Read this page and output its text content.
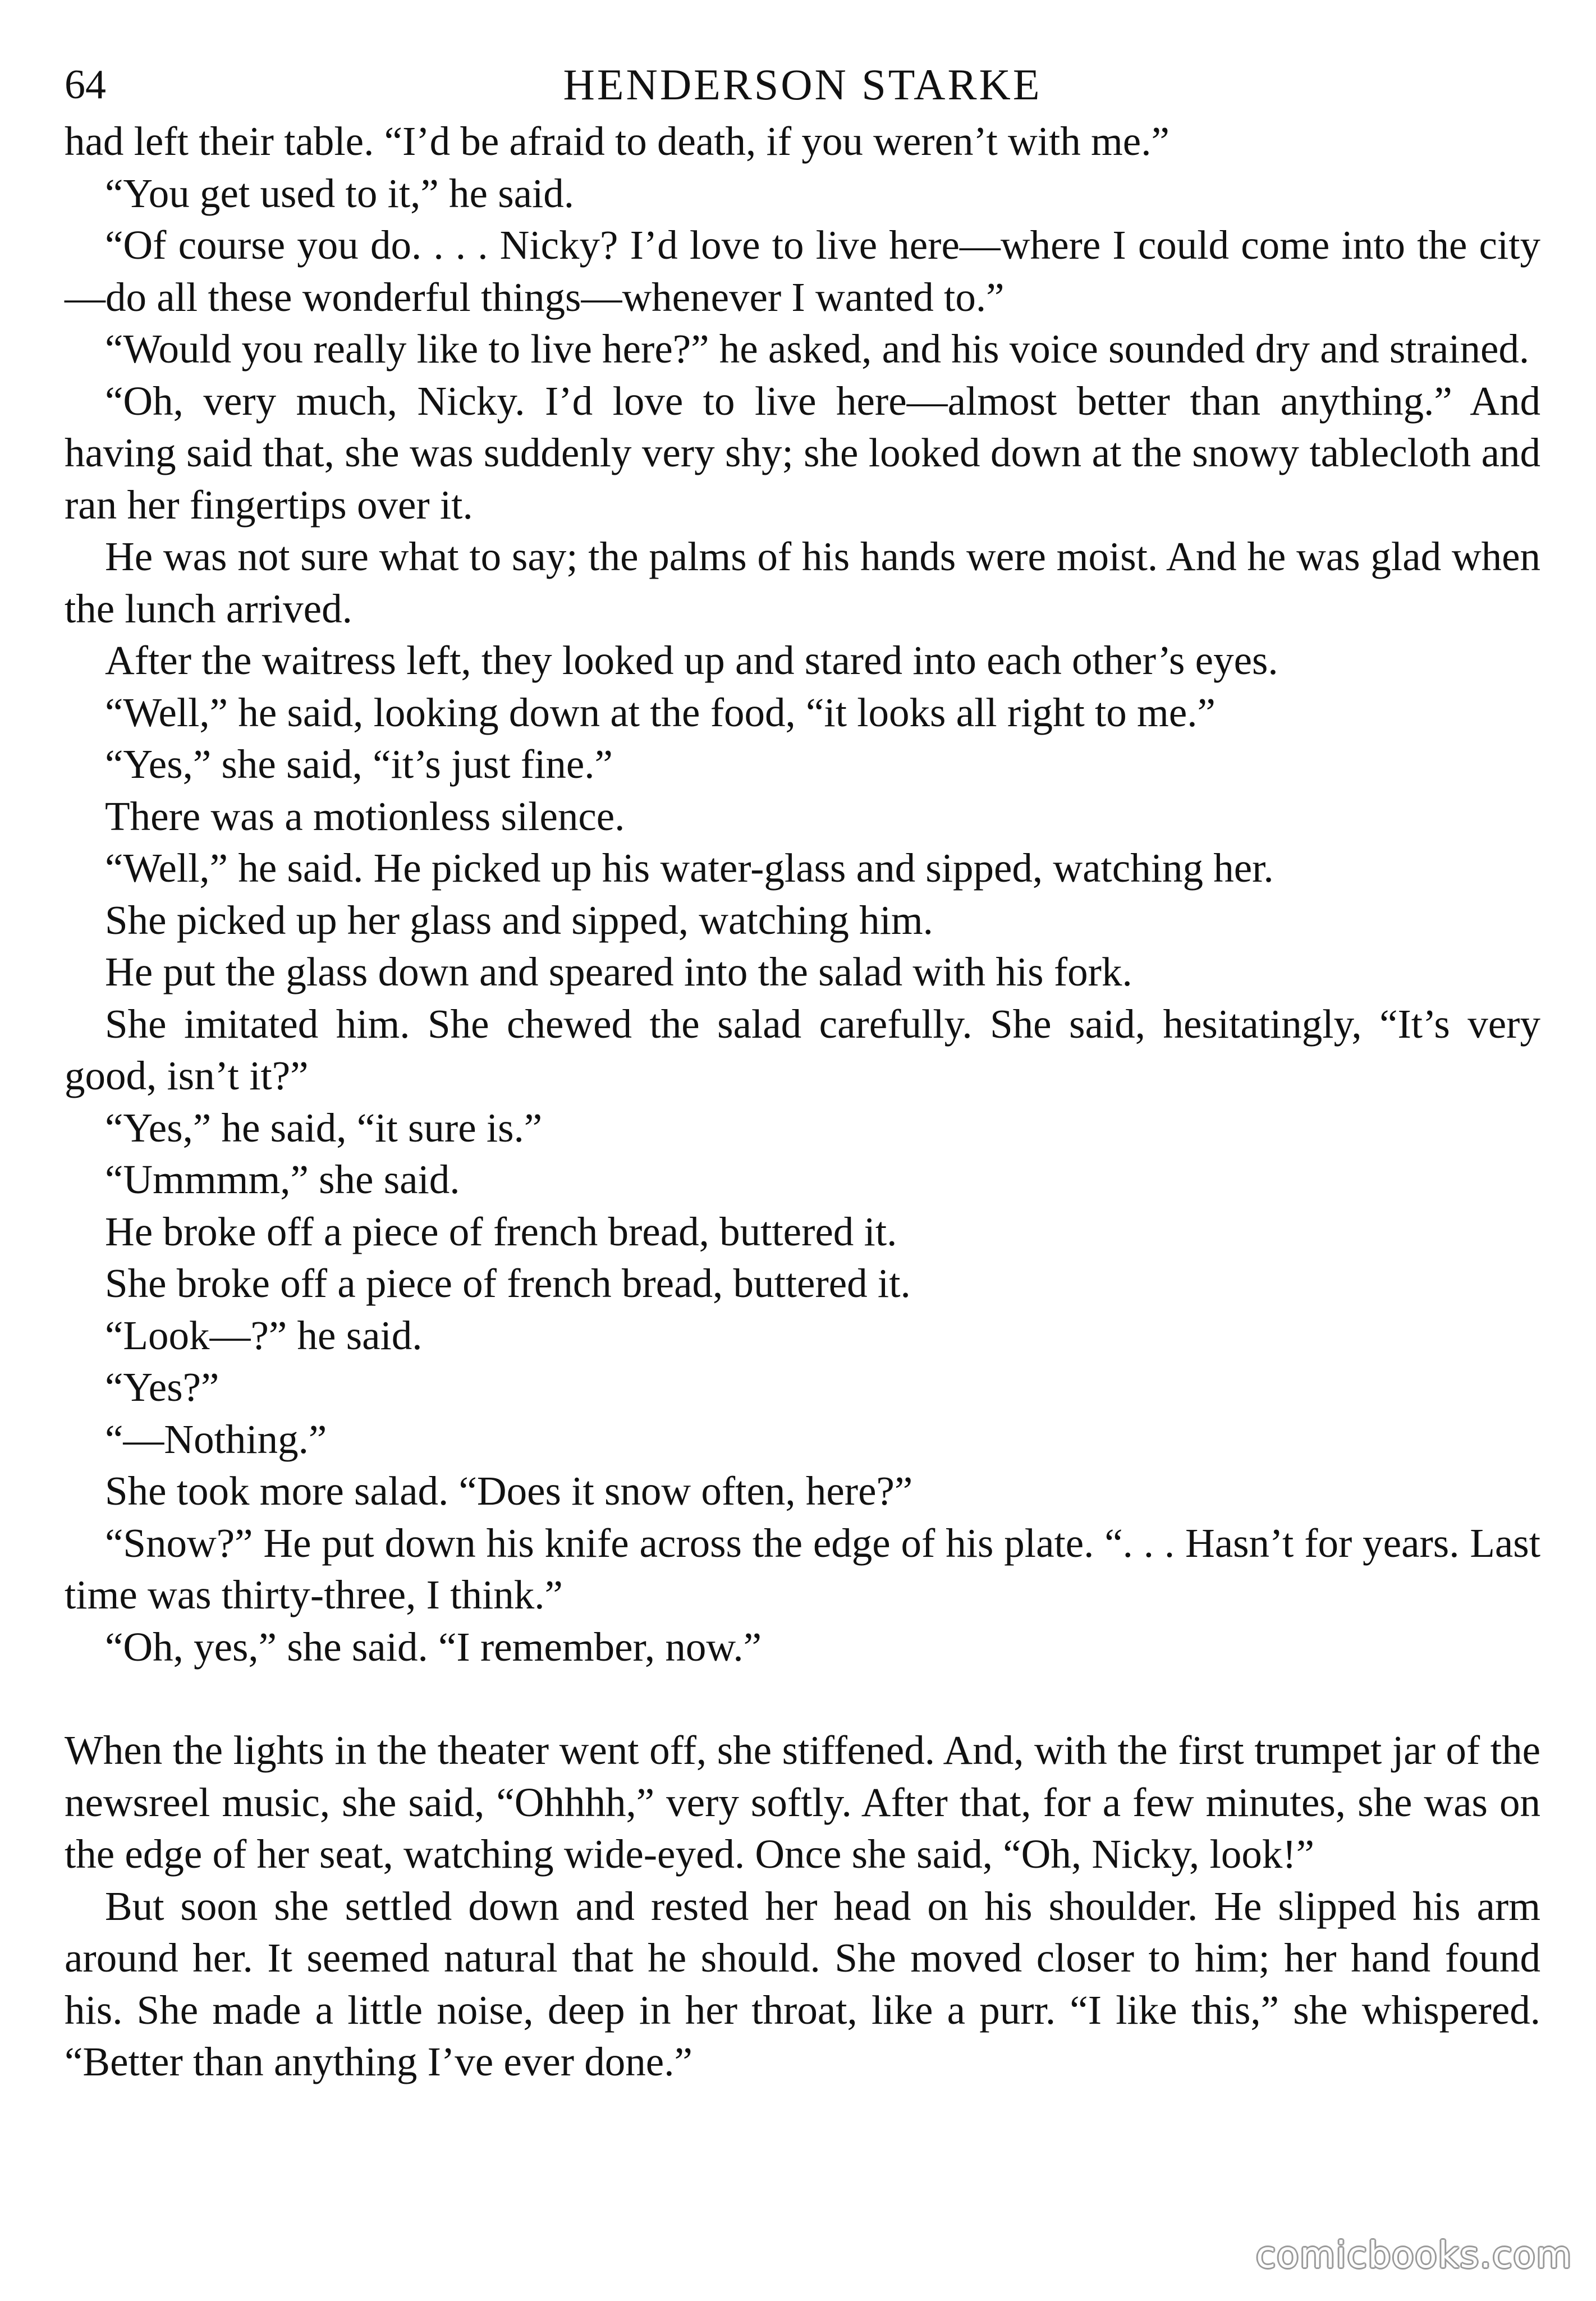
64	HENDERSON STARKE

had left their table. “I’d be afraid to death, if you weren’t with me.”

“You get used to it,” he said.

“Of course you do. . . . Nicky? I’d love to live here—where I could come into the city—do all these wonderful things—whenever I wanted to.”

“Would you really like to live here?” he asked, and his voice sounded dry and strained.

“Oh, very much, Nicky. I’d love to live here—almost better than anything.” And having said that, she was suddenly very shy; she looked down at the snowy tablecloth and ran her fingertips over it.

He was not sure what to say; the palms of his hands were moist. And he was glad when the lunch arrived.

After the waitress left, they looked up and stared into each other’s eyes.

“Well,” he said, looking down at the food, “it looks all right to me.”

“Yes,” she said, “it’s just fine.”

There was a motionless silence.

“Well,” he said. He picked up his water-glass and sipped, watching her.

She picked up her glass and sipped, watching him.

He put the glass down and speared into the salad with his fork.

She imitated him. She chewed the salad carefully. She said, hesitatingly, “It’s very good, isn’t it?”

“Yes,” he said, “it sure is.”

“Ummmm,” she said.

He broke off a piece of french bread, buttered it.

She broke off a piece of french bread, buttered it.

“Look—?” he said.

“Yes?”

“—Nothing.”

She took more salad. “Does it snow often, here?”

“Snow?” He put down his knife across the edge of his plate. “. . . Hasn’t for years. Last time was thirty-three, I think.”

“Oh, yes,” she said. “I remember, now.”

When the lights in the theater went off, she stiffened. And, with the first trumpet jar of the newsreel music, she said, “Ohhhh,” very softly. After that, for a few minutes, she was on the edge of her seat, watching wide-eyed. Once she said, “Oh, Nicky, look!”

But soon she settled down and rested her head on his shoulder. He slipped his arm around her. It seemed natural that he should. She moved closer to him; her hand found his. She made a little noise, deep in her throat, like a purr. “I like this,” she whispered. “Better than anything I’ve ever done.”

comicbooks.com
